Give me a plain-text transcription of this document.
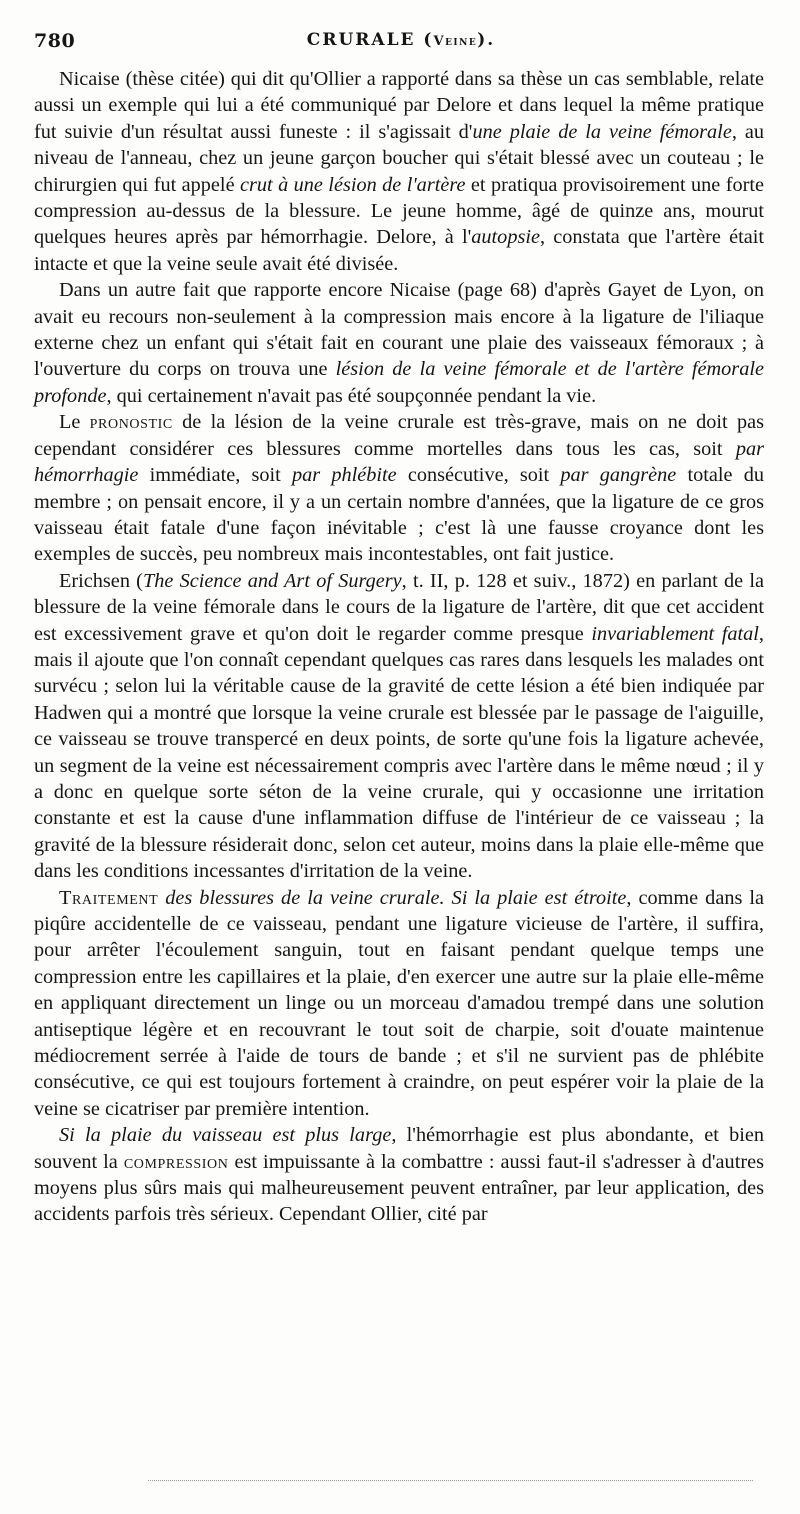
780	CRURALE (Veine).

Nicaise (thèse citée) qui dit qu'Ollier a rapporté dans sa thèse un cas semblable, relate aussi un exemple qui lui a été communiqué par Delore et dans lequel la même pratique fut suivie d'un résultat aussi funeste : il s'agissait d'une plaie de la veine fémorale, au niveau de l'anneau, chez un jeune garçon boucher qui s'était blessé avec un couteau ; le chirurgien qui fut appelé crut à une lésion de l'artère et pratiqua provisoirement une forte compression au-dessus de la blessure. Le jeune homme, âgé de quinze ans, mourut quelques heures après par hémorrhagie. Delore, à l'autopsie, constata que l'artère était intacte et que la veine seule avait été divisée.

Dans un autre fait que rapporte encore Nicaise (page 68) d'après Gayet de Lyon, on avait eu recours non-seulement à la compression mais encore à la ligature de l'iliaque externe chez un enfant qui s'était fait en courant une plaie des vaisseaux fémoraux ; à l'ouverture du corps on trouva une lésion de la veine fémorale et de l'artère fémorale profonde, qui certainement n'avait pas été soupçonnée pendant la vie.

Le pronostic de la lésion de la veine crurale est très-grave, mais on ne doit pas cependant considérer ces blessures comme mortelles dans tous les cas, soit par hémorrhagie immédiate, soit par phlébite consécutive, soit par gangrène totale du membre ; on pensait encore, il y a un certain nombre d'années, que la ligature de ce gros vaisseau était fatale d'une façon inévitable ; c'est là une fausse croyance dont les exemples de succès, peu nombreux mais incontestables, ont fait justice.

Erichsen (The Science and Art of Surgery, t. II, p. 128 et suiv., 1872) en parlant de la blessure de la veine fémorale dans le cours de la ligature de l'artère, dit que cet accident est excessivement grave et qu'on doit le regarder comme presque invariablement fatal, mais il ajoute que l'on connaît cependant quelques cas rares dans lesquels les malades ont survécu ; selon lui la véritable cause de la gravité de cette lésion a été bien indiquée par Hadwen qui a montré que lorsque la veine crurale est blessée par le passage de l'aiguille, ce vaisseau se trouve transpercé en deux points, de sorte qu'une fois la ligature achevée, un segment de la veine est nécessairement compris avec l'artère dans le même nœud ; il y a donc en quelque sorte séton de la veine crurale, qui y occasionne une irritation constante et est la cause d'une inflammation diffuse de l'intérieur de ce vaisseau ; la gravité de la blessure résiderait donc, selon cet auteur, moins dans la plaie elle-même que dans les conditions incessantes d'irritation de la veine.

Traitement des blessures de la veine crurale. Si la plaie est étroite, comme dans la piqûre accidentelle de ce vaisseau, pendant une ligature vicieuse de l'artère, il suffira, pour arrêter l'écoulement sanguin, tout en faisant pendant quelque temps une compression entre les capillaires et la plaie, d'en exercer une autre sur la plaie elle-même en appliquant directement un linge ou un morceau d'amadou trempé dans une solution antiseptique légère et en recouvrant le tout soit de charpie, soit d'ouate maintenue médiocrement serrée à l'aide de tours de bande ; et s'il ne survient pas de phlébite consécutive, ce qui est toujours fortement à craindre, on peut espérer voir la plaie de la veine se cicatriser par première intention.

Si la plaie du vaisseau est plus large, l'hémorrhagie est plus abondante, et bien souvent la compression est impuissante à la combattre : aussi faut-il s'adresser à d'autres moyens plus sûrs mais qui malheureusement peuvent entraîner, par leur application, des accidents parfois très sérieux. Cependant Ollier, cité par
